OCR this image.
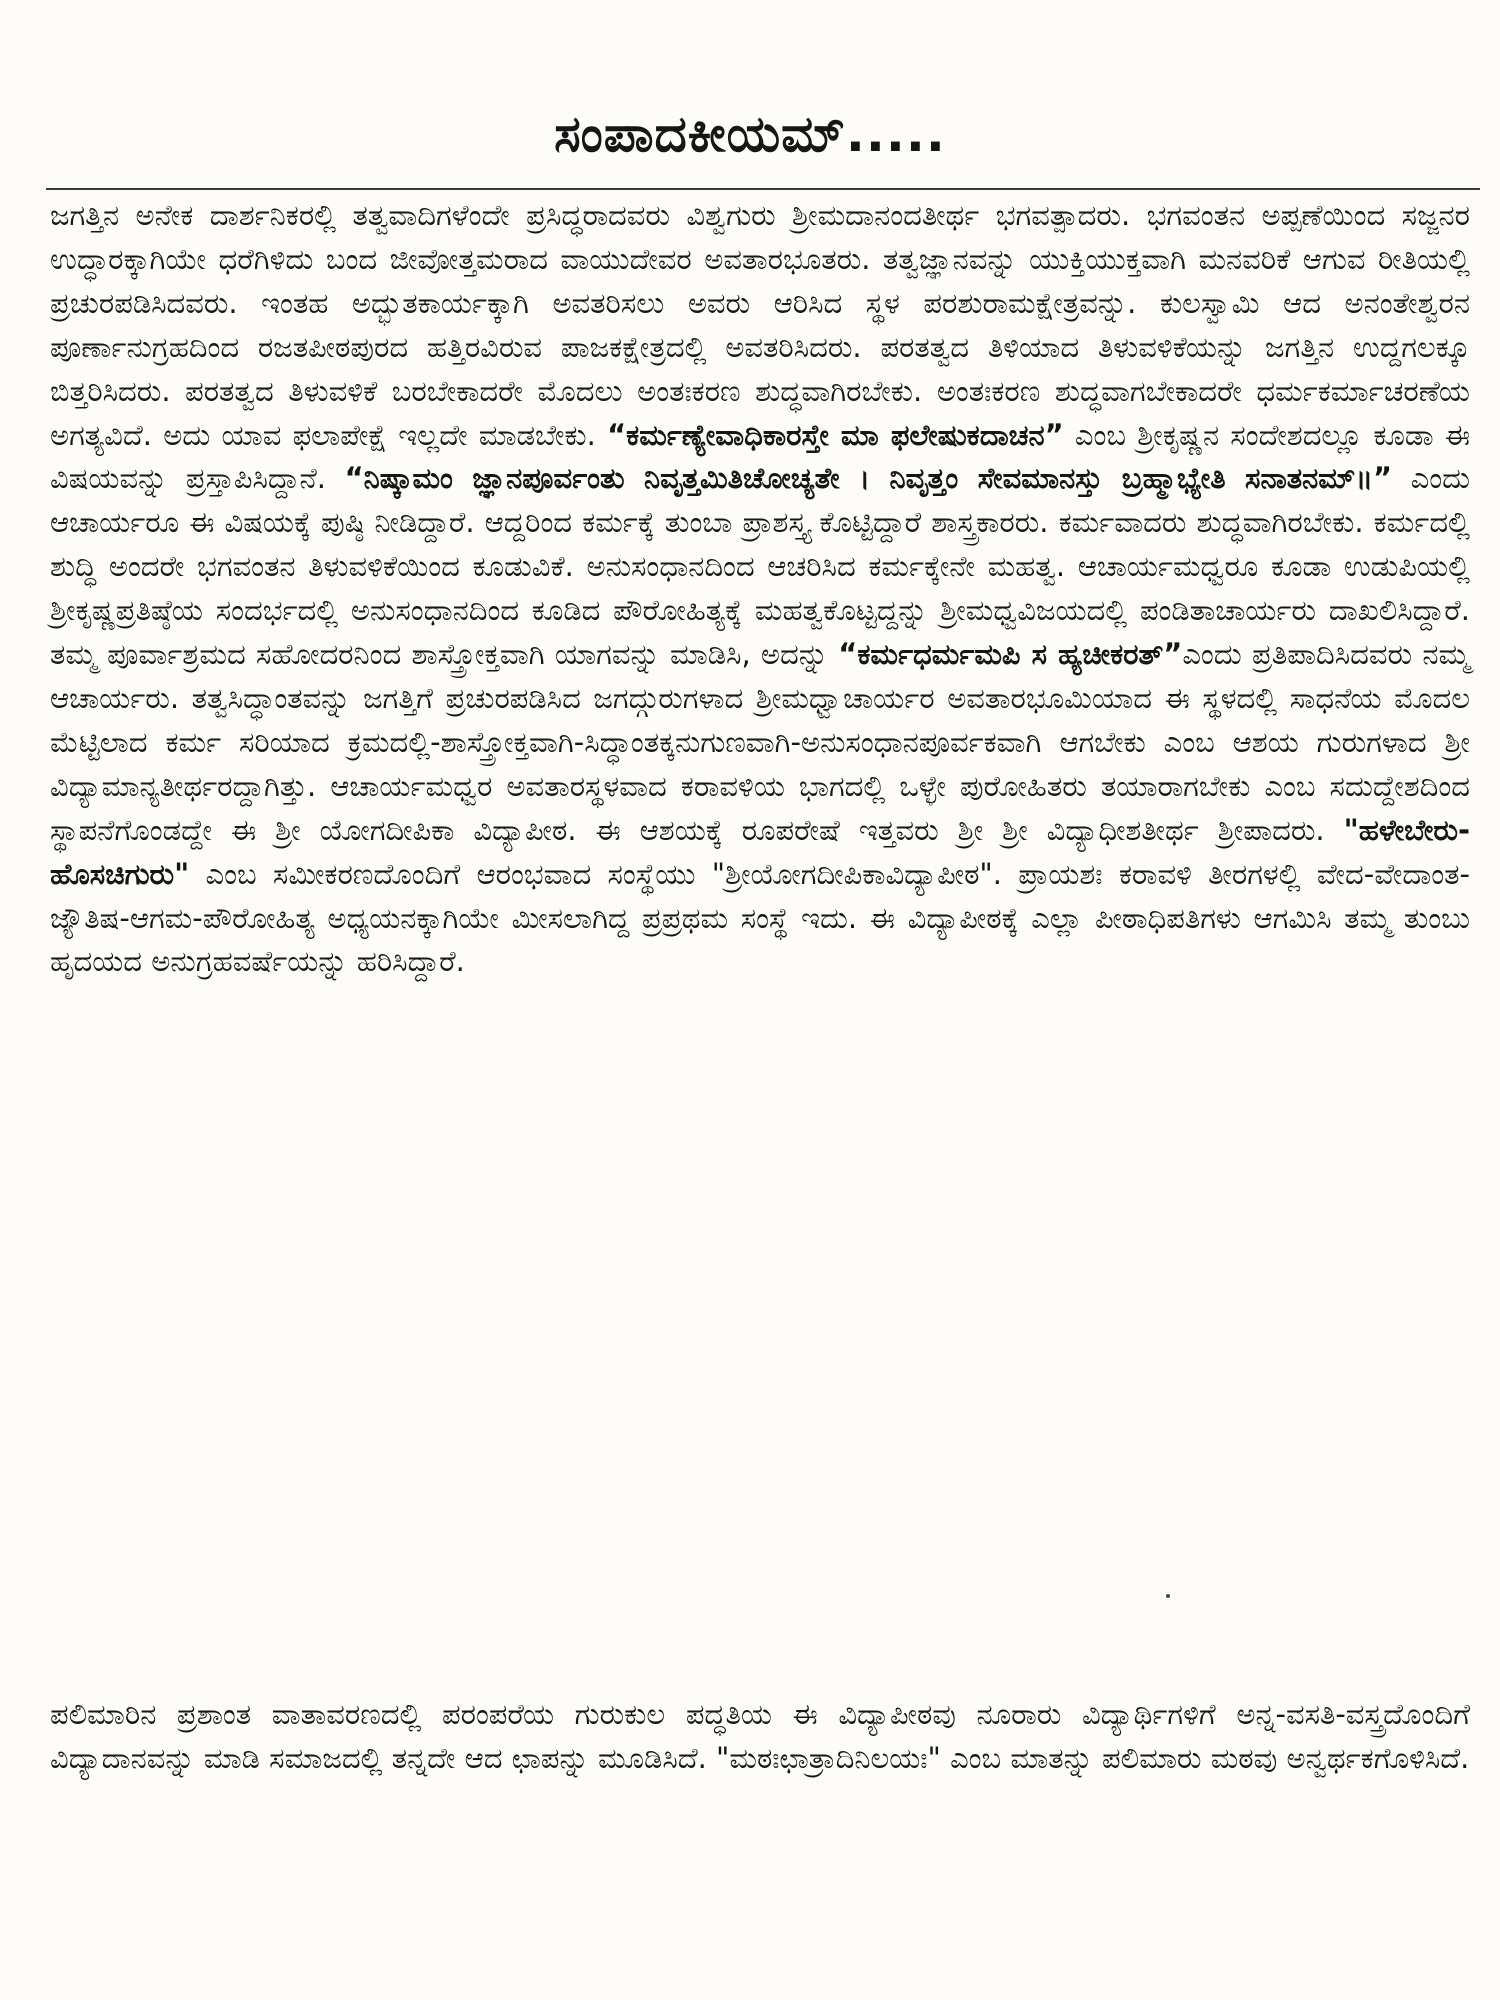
ಸಂಪಾದಕೀಯಮ್.....

ಜಗತ್ತಿನ ಅನೇಕ ದಾರ್ಶನಿಕರಲ್ಲಿ ತತ್ವವಾದಿಗಳೆಂದೇ ಪ್ರಸಿದ್ಧರಾದವರು ವಿಶ್ವಗುರು ಶ್ರೀಮದಾನಂದತೀರ್ಥ ಭಗವತ್ಪಾದರು. ಭಗವಂತನ ಅಪ್ಪಣೆಯಿಂದ ಸಜ್ಜನರ ಉದ್ಧಾರಕ್ಕಾಗಿಯೇ ಧರೆಗಿಳಿದು ಬಂದ ಜೀವೋತ್ತಮರಾದ ವಾಯುದೇವರ ಅವತಾರಭೂತರು. ತತ್ವಜ್ಞಾನವನ್ನು ಯುಕ್ತಿಯುಕ್ತವಾಗಿ ಮನವರಿಕೆ ಆಗುವ ರೀತಿಯಲ್ಲಿ ಪ್ರಚುರಪಡಿಸಿದವರು. ಇಂತಹ ಅದ್ಭುತಕಾರ್ಯಕ್ಕಾಗಿ ಅವತರಿಸಲು ಅವರು ಆರಿಸಿದ ಸ್ಥಳ ಪರಶುರಾಮಕ್ಷೇತ್ರವನ್ನು. ಕುಲಸ್ವಾಮಿ ಆದ ಅನಂತೇಶ್ವರನ ಪೂರ್ಣಾನುಗ್ರಹದಿಂದ ರಜತಪೀಠಪುರದ ಹತ್ತಿರವಿರುವ ಪಾಜಕಕ್ಷೇತ್ರದಲ್ಲಿ ಅವತರಿಸಿದರು. ಪರತತ್ವದ ತಿಳಿಯಾದ ತಿಳುವಳಿಕೆಯನ್ನು ಜಗತ್ತಿನ ಉದ್ದಗಲಕ್ಕೂ ಬಿತ್ತರಿಸಿದರು. ಪರತತ್ವದ ತಿಳುವಳಿಕೆ ಬರಬೇಕಾದರೇ ಮೊದಲು ಅಂತಃಕರಣ ಶುದ್ಧವಾಗಿರಬೇಕು. ಅಂತಃಕರಣ ಶುದ್ಧವಾಗಬೇಕಾದರೇ ಧರ್ಮಕರ್ಮಾಚರಣೆಯ ಅಗತ್ಯವಿದೆ. ಅದು ಯಾವ ಫಲಾಪೇಕ್ಷೆ ಇಲ್ಲದೇ ಮಾಡಬೇಕು. “ಕರ್ಮಣ್ಯೇವಾಧಿಕಾರಸ್ತೇ ಮಾ ಫಲೇಷುಕದಾಚನ” ಎಂಬ ಶ್ರೀಕೃಷ್ಣನ ಸಂದೇಶದಲ್ಲೂ ಕೂಡಾ ಈ ವಿಷಯವನ್ನು ಪ್ರಸ್ತಾಪಿಸಿದ್ದಾನೆ. “ನಿಷ್ಕಾಮಂ ಜ್ಞಾನಪೂರ್ವಂತು ನಿವೃತ್ತಮಿತಿಚೋಚ್ಯತೇ । ನಿವೃತ್ತಂ ಸೇವಮಾನಸ್ತು ಬ್ರಹ್ಮಾಭ್ಯೇತಿ ಸನಾತನಮ್॥” ಎಂದು ಆಚಾರ್ಯರೂ ಈ ವಿಷಯಕ್ಕೆ ಪುಷ್ಠಿ ನೀಡಿದ್ದಾರೆ. ಆದ್ದರಿಂದ ಕರ್ಮಕ್ಕೆ ತುಂಬಾ ಪ್ರಾಶಸ್ತ್ಯ ಕೊಟ್ಟಿದ್ದಾರೆ ಶಾಸ್ತ್ರಕಾರರು. ಕರ್ಮವಾದರು ಶುದ್ಧವಾಗಿರಬೇಕು. ಕರ್ಮದಲ್ಲಿ ಶುದ್ಧಿ ಅಂದರೇ ಭಗವಂತನ ತಿಳುವಳಿಕೆಯಿಂದ ಕೂಡುವಿಕೆ. ಅನುಸಂಧಾನದಿಂದ ಆಚರಿಸಿದ ಕರ್ಮಕ್ಕೇನೇ ಮಹತ್ವ. ಆಚಾರ್ಯಮಧ್ವರೂ ಕೂಡಾ ಉಡುಪಿಯಲ್ಲಿ ಶ್ರೀಕೃಷ್ಣಪ್ರತಿಷ್ಠೆಯ ಸಂದರ್ಭದಲ್ಲಿ ಅನುಸಂಧಾನದಿಂದ ಕೂಡಿದ ಪೌರೋಹಿತ್ಯಕ್ಕೆ ಮಹತ್ವಕೊಟ್ಟದ್ದನ್ನು ಶ್ರೀಮಧ್ವವಿಜಯದಲ್ಲಿ ಪಂಡಿತಾಚಾರ್ಯರು ದಾಖಲಿಸಿದ್ದಾರೆ. ತಮ್ಮ ಪೂರ್ವಾಶ್ರಮದ ಸಹೋದರನಿಂದ ಶಾಸ್ತ್ರೋಕ್ತವಾಗಿ ಯಾಗವನ್ನು ಮಾಡಿಸಿ, ಅದನ್ನು “ಕರ್ಮಧರ್ಮಮಪಿ ಸ ಹ್ಯಚೀಕರತ್”ಎಂದು ಪ್ರತಿಪಾದಿಸಿದವರು ನಮ್ಮ ಆಚಾರ್ಯರು. ತತ್ವಸಿದ್ಧಾಂತವನ್ನು ಜಗತ್ತಿಗೆ ಪ್ರಚುರಪಡಿಸಿದ ಜಗದ್ಗುರುಗಳಾದ ಶ್ರೀಮಧ್ವಾಚಾರ್ಯರ ಅವತಾರಭೂಮಿಯಾದ ಈ ಸ್ಥಳದಲ್ಲಿ ಸಾಧನೆಯ ಮೊದಲ ಮೆಟ್ಟಿಲಾದ ಕರ್ಮ ಸರಿಯಾದ ಕ್ರಮದಲ್ಲಿ-ಶಾಸ್ತ್ರೋಕ್ತವಾಗಿ-ಸಿದ್ಧಾಂತಕ್ಕನುಗುಣವಾಗಿ-ಅನುಸಂಧಾನಪೂರ್ವಕವಾಗಿ ಆಗಬೇಕು ಎಂಬ ಆಶಯ ಗುರುಗಳಾದ ಶ್ರೀ ವಿದ್ಯಾಮಾನ್ಯತೀರ್ಥರದ್ದಾಗಿತ್ತು. ಆಚಾರ್ಯಮಧ್ವರ ಅವತಾರಸ್ಥಳವಾದ ಕರಾವಳಿಯ ಭಾಗದಲ್ಲಿ ಒಳ್ಳೇ ಪುರೋಹಿತರು ತಯಾರಾಗಬೇಕು ಎಂಬ ಸದುದ್ದೇಶದಿಂದ ಸ್ಥಾಪನೆಗೊಂಡದ್ದೇ ಈ ಶ್ರೀ ಯೋಗದೀಪಿಕಾ ವಿದ್ಯಾಪೀಠ. ಈ ಆಶಯಕ್ಕೆ ರೂಪರೇಷೆ ಇತ್ತವರು ಶ್ರೀ ಶ್ರೀ ವಿದ್ಯಾಧೀಶತೀರ್ಥ ಶ್ರೀಪಾದರು. "ಹಳೇಬೇರು-ಹೊಸಚಿಗುರು" ಎಂಬ ಸಮೀಕರಣದೊಂದಿಗೆ ಆರಂಭವಾದ ಸಂಸ್ಥೆಯು "ಶ್ರೀಯೋಗದೀಪಿಕಾವಿದ್ಯಾಪೀಠ". ಪ್ರಾಯಶಃ ಕರಾವಳಿ ತೀರಗಳಲ್ಲಿ ವೇದ-ವೇದಾಂತ-ಜ್ಯೌತಿಷ-ಆಗಮ-ಪೌರೋಹಿತ್ಯ ಅಧ್ಯಯನಕ್ಕಾಗಿಯೇ ಮೀಸಲಾಗಿದ್ದ ಪ್ರಪ್ರಥಮ ಸಂಸ್ಥೆ ಇದು. ಈ ವಿದ್ಯಾಪೀಠಕ್ಕೆ ಎಲ್ಲಾ ಪೀಠಾಧಿಪತಿಗಳು ಆಗಮಿಸಿ ತಮ್ಮ ತುಂಬು ಹೃದಯದ ಅನುಗ್ರಹವರ್ಷೆಯನ್ನು ಹರಿಸಿದ್ದಾರೆ.

ಪಲಿಮಾರಿನ ಪ್ರಶಾಂತ ವಾತಾವರಣದಲ್ಲಿ ಪರಂಪರೆಯ ಗುರುಕುಲ ಪದ್ಧತಿಯ ಈ ವಿದ್ಯಾಪೀಠವು ನೂರಾರು ವಿದ್ಯಾರ್ಥಿಗಳಿಗೆ ಅನ್ನ-ವಸತಿ-ವಸ್ತ್ರದೊಂದಿಗೆ ವಿದ್ಯಾದಾನವನ್ನು ಮಾಡಿ ಸಮಾಜದಲ್ಲಿ ತನ್ನದೇ ಆದ ಛಾಪನ್ನು ಮೂಡಿಸಿದೆ. "ಮಠಃಛಾತ್ರಾದಿನಿಲಯಃ" ಎಂಬ ಮಾತನ್ನು ಪಲಿಮಾರು ಮಠವು ಅನ್ವರ್ಥಕಗೊಳಿಸಿದೆ.
